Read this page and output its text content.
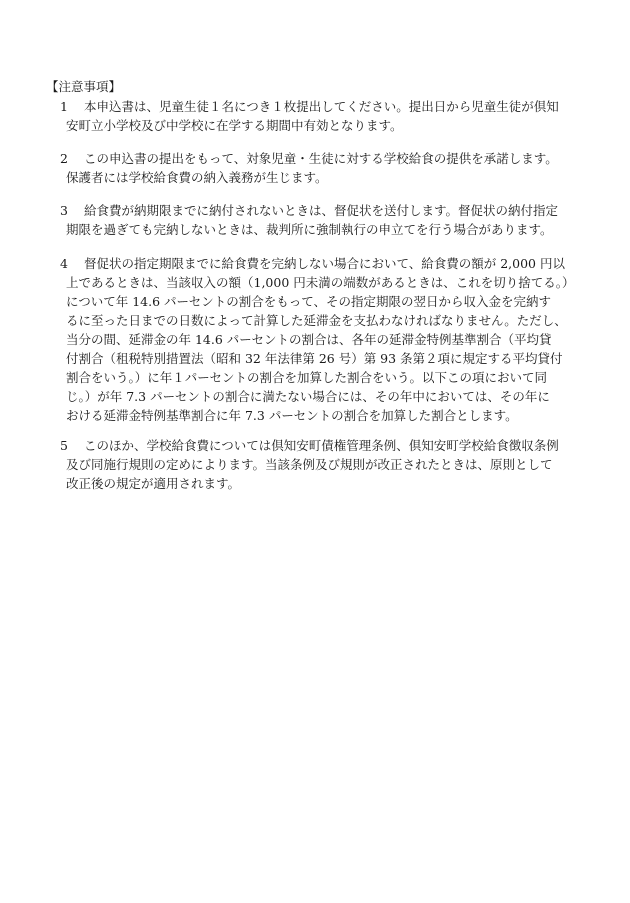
【注意事項】
1 本申込書は、児童生徒１名につき１枚提出してください。提出日から児童生徒が倶知
安町立小学校及び中学校に在学する期間中有効となります。
2 この申込書の提出をもって、対象児童・生徒に対する学校給食の提供を承諾します。
保護者には学校給食費の納入義務が生じます。
3 給食費が納期限までに納付されないときは、督促状を送付します。督促状の納付指定
期限を過ぎても完納しないときは、裁判所に強制執行の申立てを行う場合があります。
4 督促状の指定期限までに給食費を完納しない場合において、給食費の額が 2,000 円以
上であるときは、当該収入の額（1,000 円未満の端数があるときは、これを切り捨てる。）
について年 14.6 パーセントの割合をもって、その指定期限の翌日から収入金を完納す
るに至った日までの日数によって計算した延滞金を支払わなければなりません。ただし、
当分の間、延滞金の年 14.6 パーセントの割合は、各年の延滞金特例基準割合（平均貸
付割合（租税特別措置法（昭和 32 年法律第 26 号）第 93 条第２項に規定する平均貸付
割合をいう。）に年１パーセントの割合を加算した割合をいう。以下この項において同
じ。）が年 7.3 パーセントの割合に満たない場合には、その年中においては、その年に
おける延滞金特例基準割合に年 7.3 パーセントの割合を加算した割合とします。
5 このほか、学校給食費については倶知安町債権管理条例、倶知安町学校給食徴収条例
及び同施行規則の定めによります。当該条例及び規則が改正されたときは、原則として
改正後の規定が適用されます。
